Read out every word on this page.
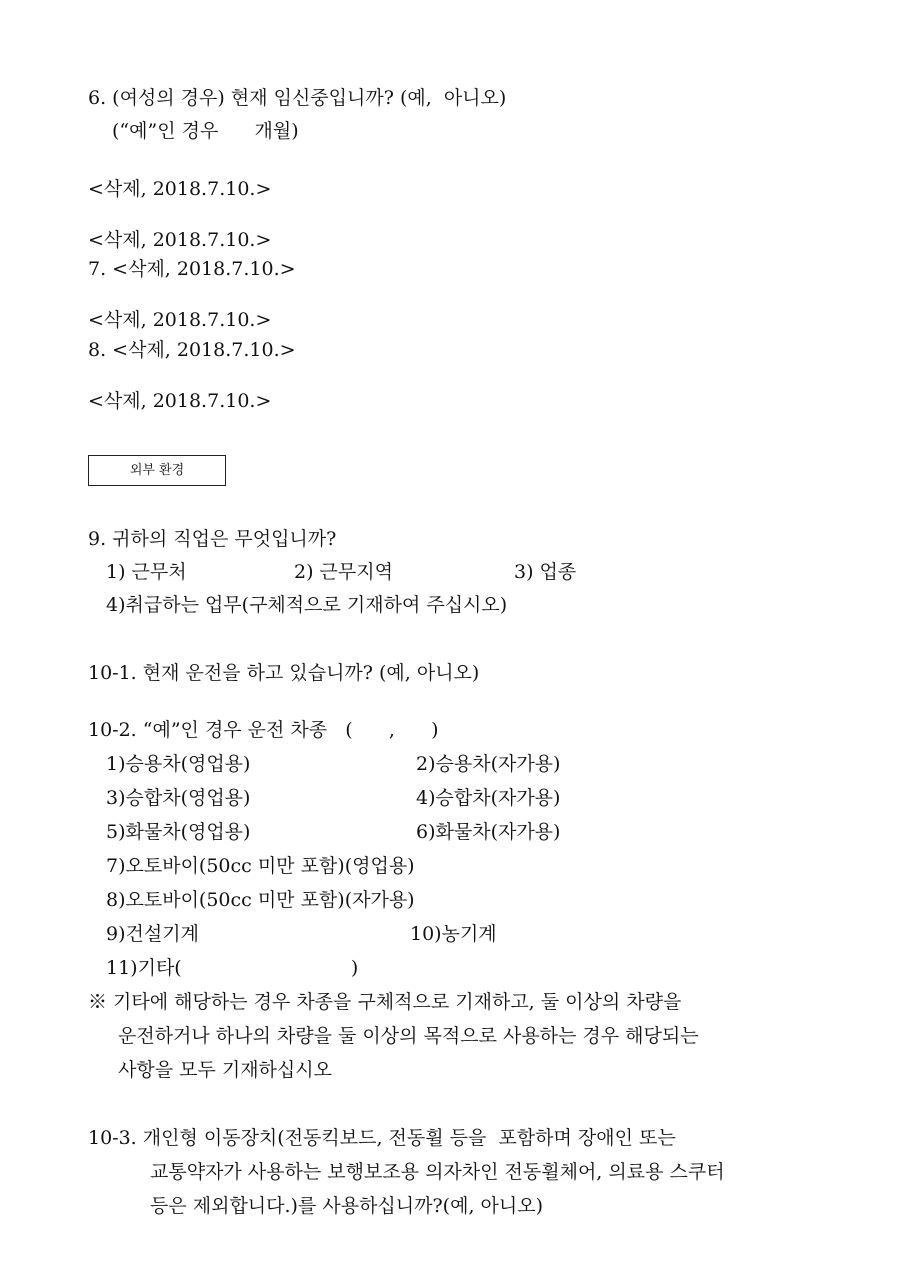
6. (여성의 경우) 현재 임신중입니까? (예,  아니오)
(“예”인 경우      개월)
<삭제, 2018.7.10.>
<삭제, 2018.7.10.>
7. <삭제, 2018.7.10.>
<삭제, 2018.7.10.>
8. <삭제, 2018.7.10.>
<삭제, 2018.7.10.>
외부 환경
9. 귀하의 직업은 무엇입니까?
1) 근무처	2) 근무지역	3) 업종
4)취급하는 업무(구체적으로 기재하여 주십시오)
10-1. 현재 운전을 하고 있습니까? (예, 아니오)
10-2. “예”인 경우 운전 차종   (      ,      )
1)승용차(영업용)	2)승용차(자가용)
3)승합차(영업용)	4)승합차(자가용)
5)화물차(영업용)	6)화물차(자가용)
7)오토바이(50cc 미만 포함)(영업용)
8)오토바이(50cc 미만 포함)(자가용)
9)건설기계	10)농기계
11)기타(                            )
※ 기타에 해당하는 경우 차종을 구체적으로 기재하고, 둘 이상의 차량을
운전하거나 하나의 차량을 둘 이상의 목적으로 사용하는 경우 해당되는
사항을 모두 기재하십시오
10-3. 개인형 이동장치(전동킥보드, 전동휠 등을  포함하며 장애인 또는
교통약자가 사용하는 보행보조용 의자차인 전동휠체어, 의료용 스쿠터
등은 제외합니다.)를 사용하십니까?(예, 아니오)
